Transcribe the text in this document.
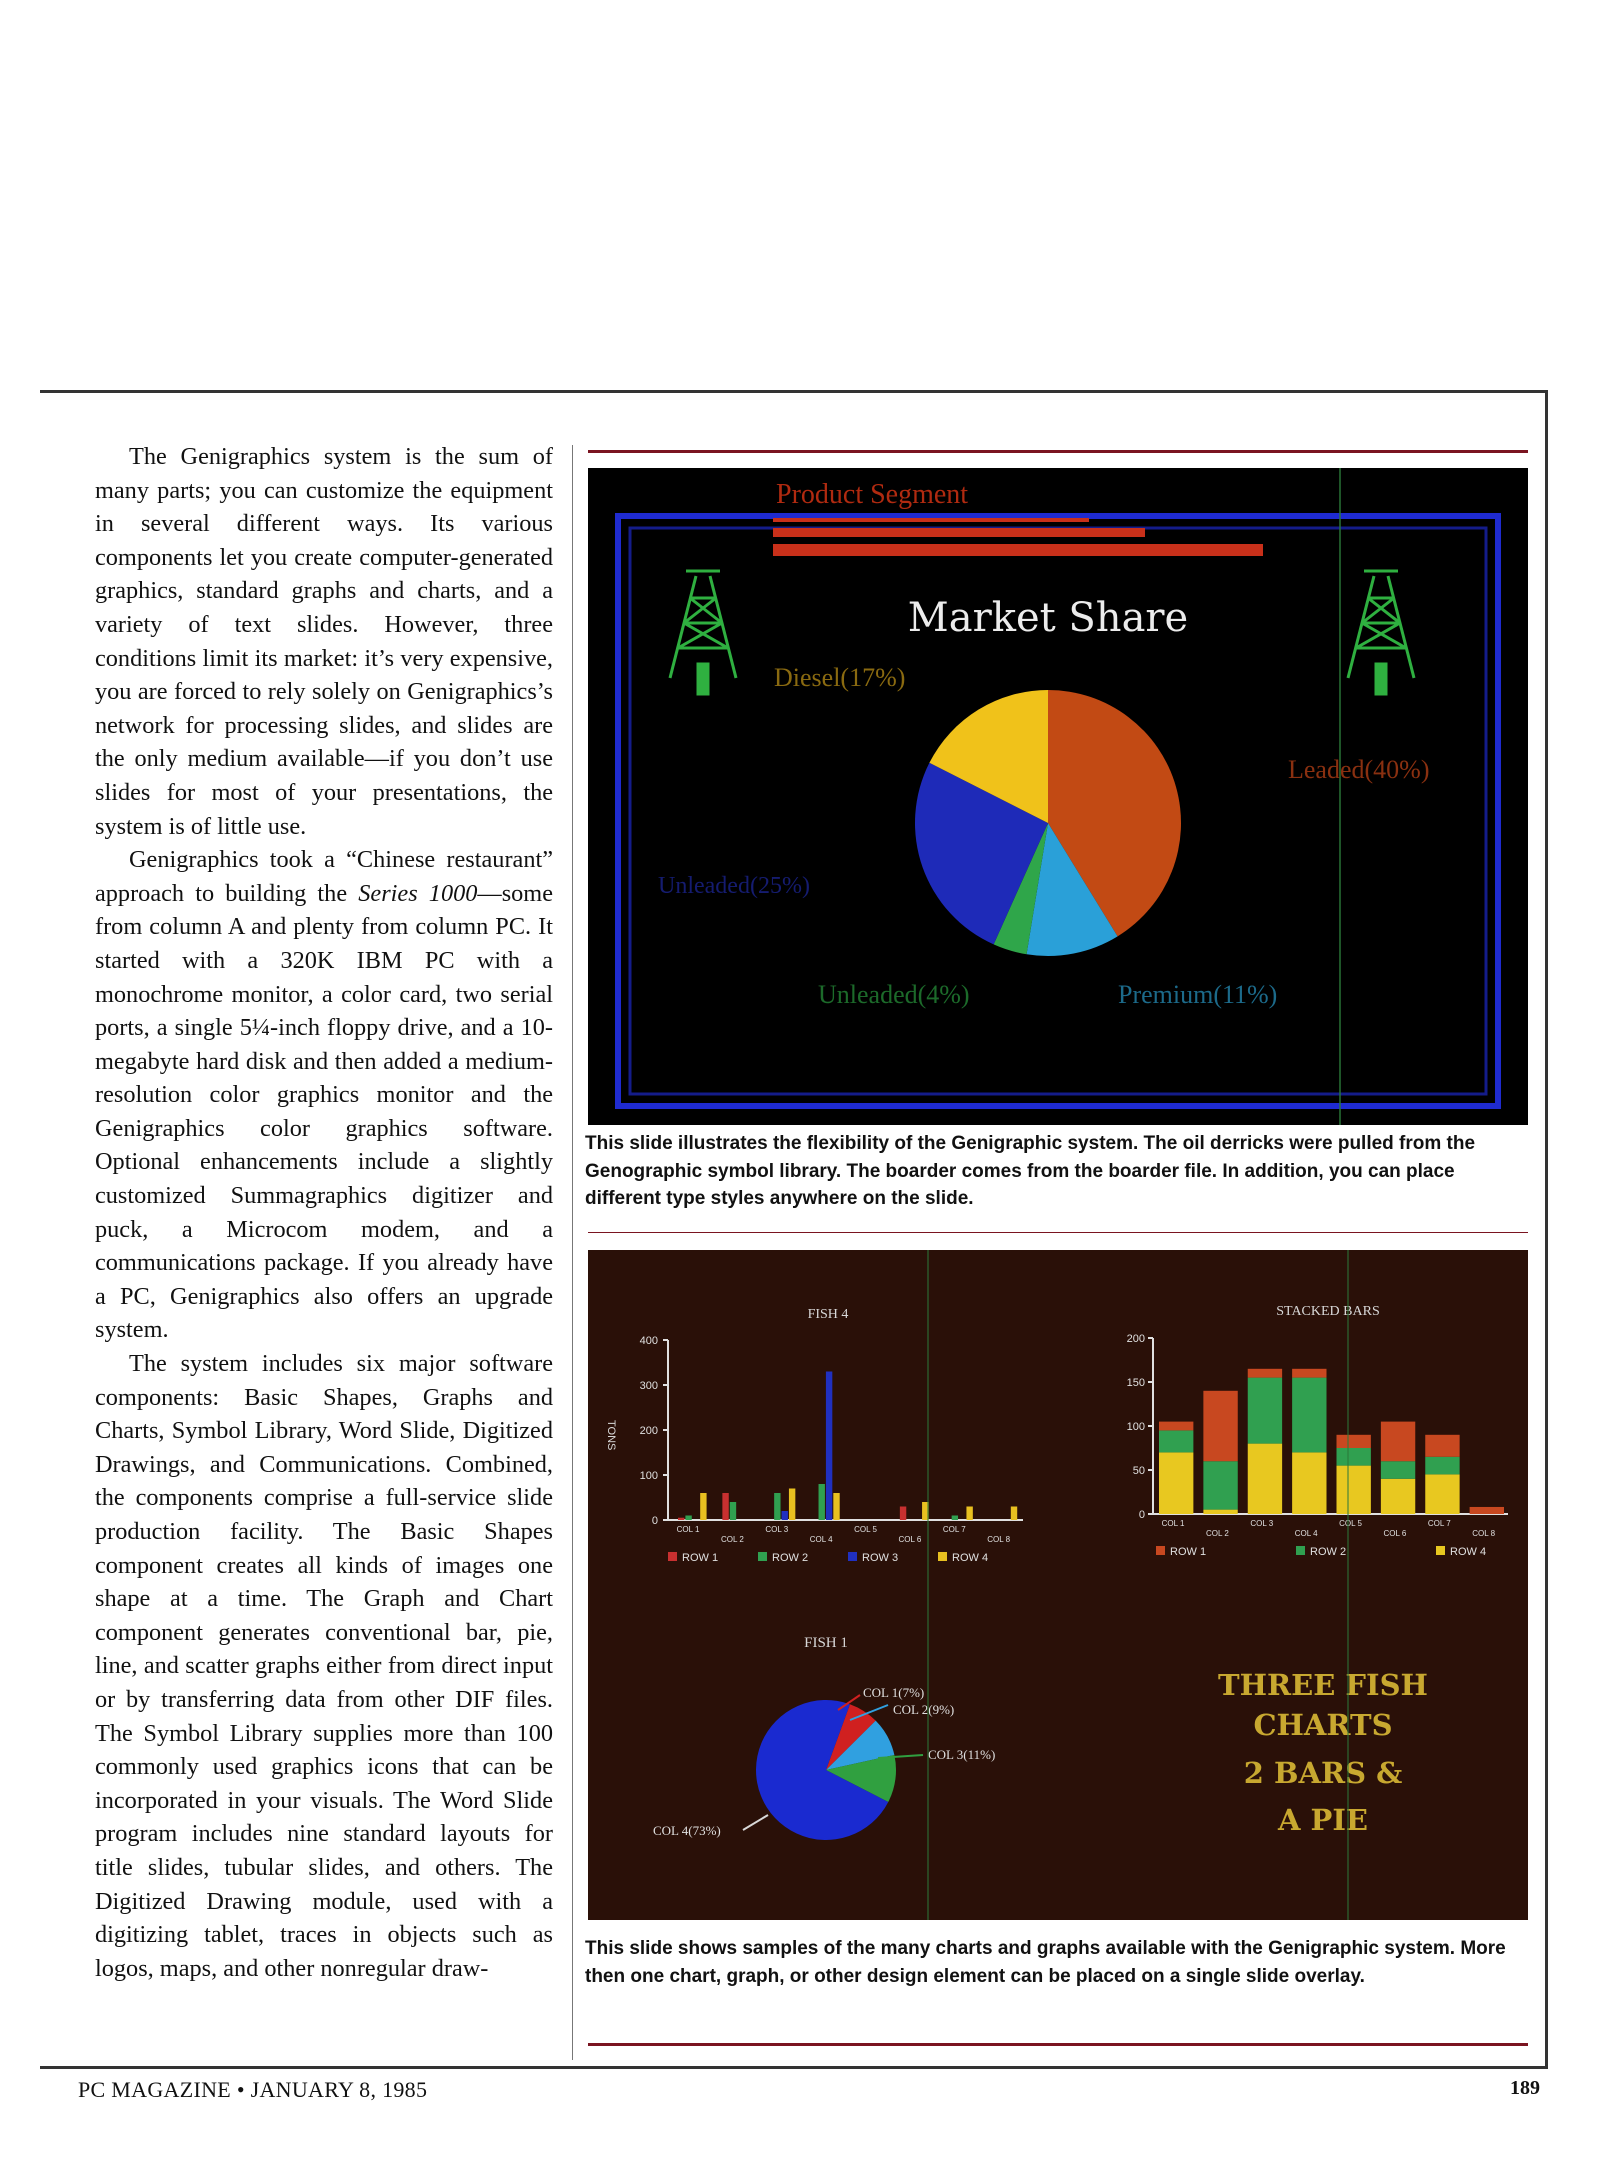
The Genigraphics system is the sum of many parts; you can customize the equipment in several different ways. Its various components let you create computer-generated graphics, standard graphs and charts, and a variety of text slides. However, three conditions limit its market: it’s very expensive, you are forced to rely solely on Genigraphics’s network for processing slides, and slides are the only medium available—if you don’t use slides for most of your presentations, the system is of little use.

Genigraphics took a “Chinese restaurant” approach to building the Series 1000—some from column A and plenty from column PC. It started with a 320K IBM PC with a monochrome monitor, a color card, two serial ports, a single 5¼-inch floppy drive, and a 10-megabyte hard disk and then added a medium-resolution color graphics monitor and the Genigraphics color graphics software. Optional enhancements include a slightly customized Summagraphics digitizer and puck, a Microcom modem, and a communications package. If you already have a PC, Genigraphics also offers an upgrade system.

The system includes six major software components: Basic Shapes, Graphs and Charts, Symbol Library, Word Slide, Digitized Drawings, and Communications. Combined, the components comprise a full-service slide production facility. The Basic Shapes component creates all kinds of images one shape at a time. The Graph and Chart component generates conventional bar, pie, line, and scatter graphs either from direct input or by transferring data from other DIF files. The Symbol Library supplies more than 100 commonly used graphics icons that can be incorporated in your visuals. The Word Slide program includes nine standard layouts for title slides, tubular slides, and others. The Digitized Drawing module, used with a digitizing tablet, traces in objects such as logos, maps, and other nonregular draw-

Product Segment
Market Share
Leaded(40%)
Premium(11%)
Unleaded(4%)
Unleaded(25%)
Diesel(17%)
This slide illustrates the flexibility of the Genigraphic system. The oil derricks were pulled from the Genographic symbol library. The boarder comes from the boarder file. In addition, you can place different type styles anywhere on the slide.
FISH 4
TONS
400
300
200
100
0
COL 1
COL 2
COL 3
COL 4
COL 5
COL 6
COL 7
COL 8
ROW 1	ROW 2	ROW 3	ROW 4
STACKED BARS
200
150
100
50
0
COL 1
COL 2
COL 3
COL 4
COL 5
COL 6
COL 7
COL 8
ROW 1	ROW 2	ROW 4
FISH 1
COL 1(7%)
COL 2(9%)
COL 3(11%)
COL 4(73%)
THREE FISH
CHARTS
2 BARS &
A PIE
This slide shows samples of the many charts and graphs available with the Genigraphic system. More then one chart, graph, or other design element can be placed on a single slide overlay.
PC MAGAZINE • JANUARY 8, 1985	189
